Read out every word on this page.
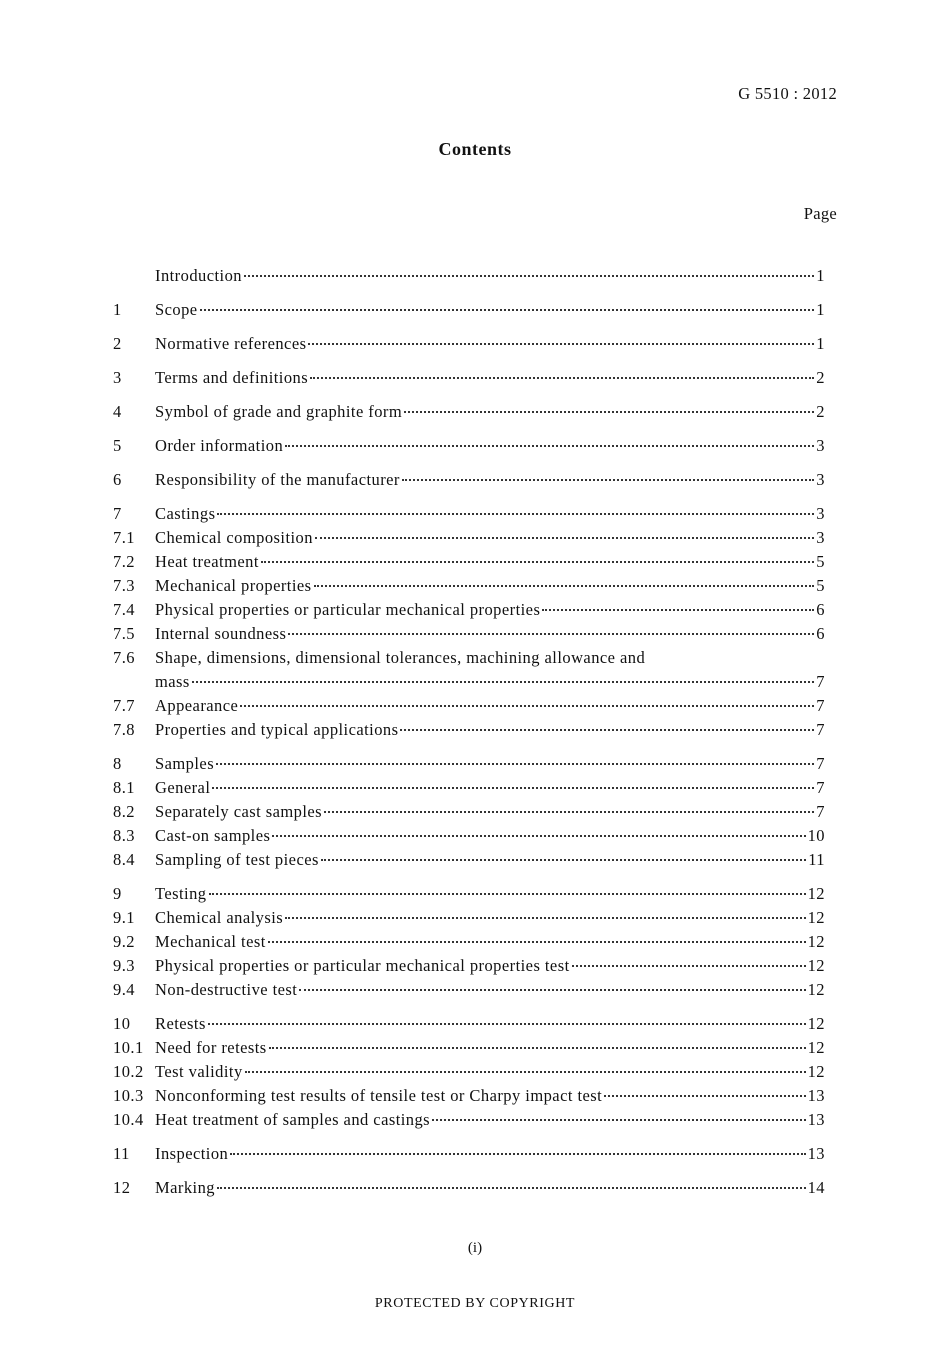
G 5510 : 2012
Contents
Page
Introduction	1
1	Scope	1
2	Normative references	1
3	Terms and definitions	2
4	Symbol of grade and graphite form	2
5	Order information	3
6	Responsibility of the manufacturer	3
7	Castings	3
7.1	Chemical composition	3
7.2	Heat treatment	5
7.3	Mechanical properties	5
7.4	Physical properties or particular mechanical properties	6
7.5	Internal soundness	6
7.6	Shape, dimensions, dimensional tolerances, machining allowance and
mass	7
7.7	Appearance	7
7.8	Properties and typical applications	7
8	Samples	7
8.1	General	7
8.2	Separately cast samples	7
8.3	Cast-on samples	10
8.4	Sampling of test pieces	11
9	Testing	12
9.1	Chemical analysis	12
9.2	Mechanical test	12
9.3	Physical properties or particular mechanical properties test	12
9.4	Non-destructive test	12
10	Retests	12
10.1 Need for retests	12
10.2 Test validity	12
10.3 Nonconforming test results of tensile test or Charpy impact test	13
10.4 Heat treatment of samples and castings	13
11	Inspection	13
12	Marking	14
(i)
PROTECTED BY COPYRIGHT
